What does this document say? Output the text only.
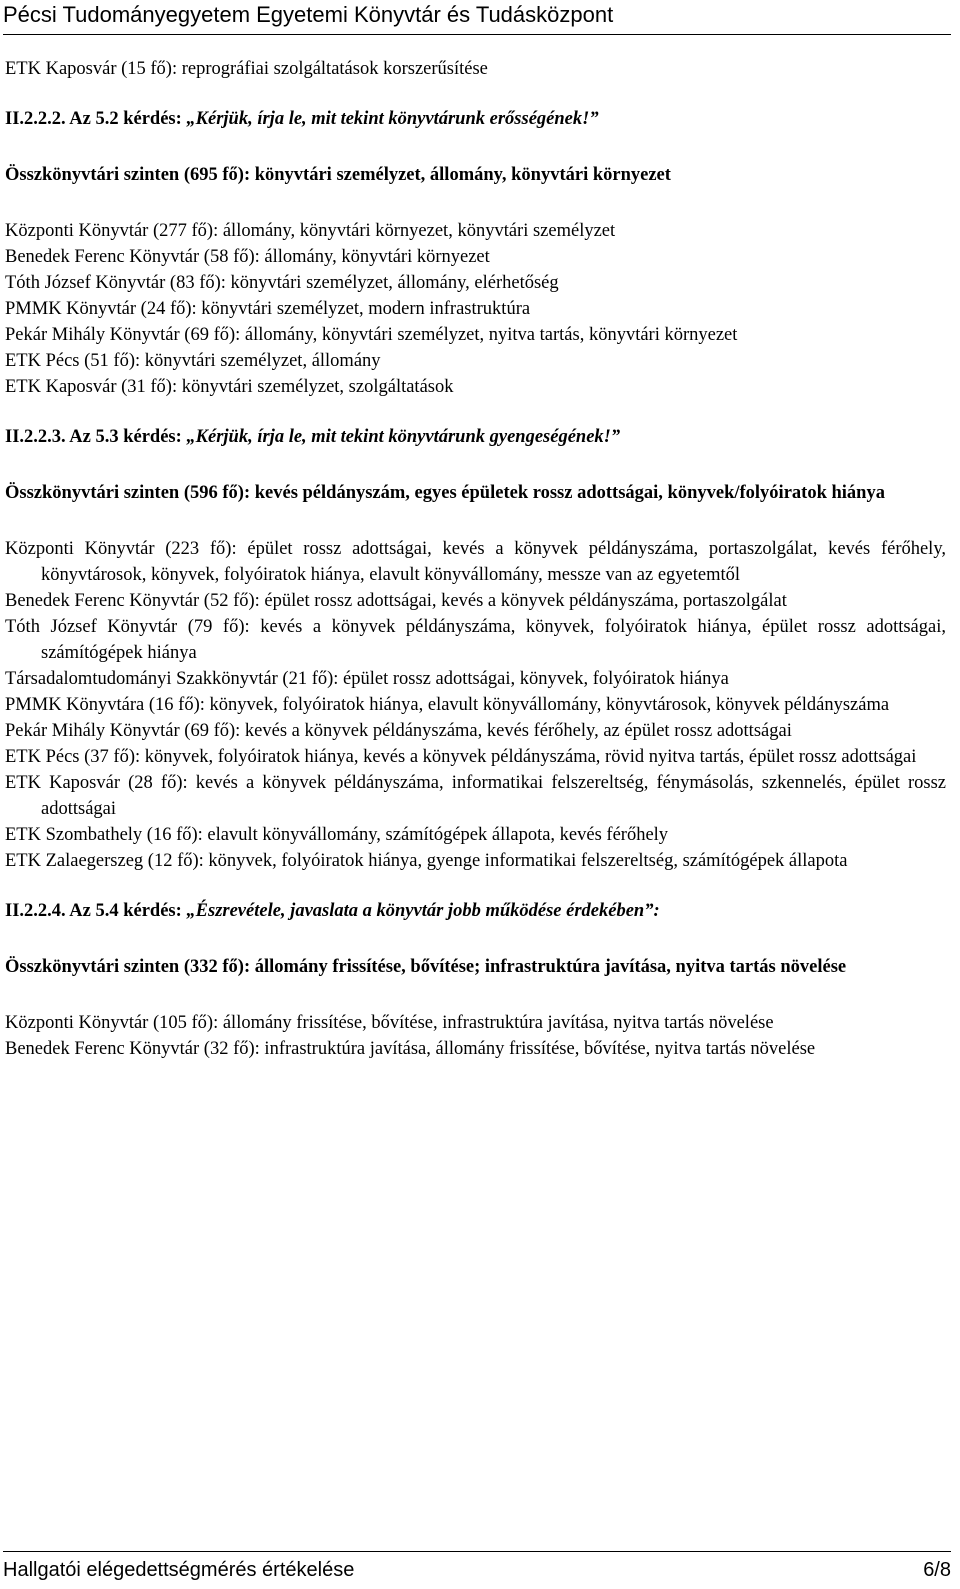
Pécsi Tudományegyetem Egyetemi Könyvtár és Tudásközpont
ETK Kaposvár (15 fő): reprográfiai szolgáltatások korszerűsítése
II.2.2.2. Az 5.2 kérdés: „Kérjük, írja le, mit tekint könyvtárunk erősségének!”
Összkönyvtári szinten (695 fő): könyvtári személyzet, állomány, könyvtári környezet
Központi Könyvtár (277 fő): állomány, könyvtári környezet, könyvtári személyzet
Benedek Ferenc Könyvtár (58 fő): állomány, könyvtári környezet
Tóth József Könyvtár (83 fő): könyvtári személyzet, állomány, elérhetőség
PMMK Könyvtár (24 fő): könyvtári személyzet, modern infrastruktúra
Pekár Mihály Könyvtár (69 fő): állomány, könyvtári személyzet, nyitva tartás, könyvtári környezet
ETK Pécs (51 fő): könyvtári személyzet, állomány
ETK Kaposvár (31 fő): könyvtári személyzet, szolgáltatások
II.2.2.3. Az 5.3 kérdés: „Kérjük, írja le, mit tekint könyvtárunk gyengeségének!”
Összkönyvtári szinten (596 fő): kevés példányszám, egyes épületek rossz adottságai, könyvek/folyóiratok hiánya
Központi Könyvtár (223 fő): épület rossz adottságai, kevés a könyvek példányszáma, portaszolgálat, kevés férőhely, könyvtárosok, könyvek, folyóiratok hiánya, elavult könyvállomány, messze van az egyetemtől
Benedek Ferenc Könyvtár (52 fő): épület rossz adottságai, kevés a könyvek példányszáma, portaszolgálat
Tóth József Könyvtár (79 fő): kevés a könyvek példányszáma, könyvek, folyóiratok hiánya, épület rossz adottságai, számítógépek hiánya
Társadalomtudományi Szakkönyvtár (21 fő): épület rossz adottságai, könyvek, folyóiratok hiánya
PMMK Könyvtára (16 fő): könyvek, folyóiratok hiánya, elavult könyvállomány, könyvtárosok, könyvek példányszáma
Pekár Mihály Könyvtár (69 fő): kevés a könyvek példányszáma, kevés férőhely, az épület rossz adottságai
ETK Pécs (37 fő): könyvek, folyóiratok hiánya, kevés a könyvek példányszáma, rövid nyitva tartás, épület rossz adottságai
ETK Kaposvár (28 fő): kevés a könyvek példányszáma, informatikai felszereltség, fénymásolás, szkennelés, épület rossz adottságai
ETK Szombathely (16 fő): elavult könyvállomány, számítógépek állapota, kevés férőhely
ETK Zalaegerszeg (12 fő): könyvek, folyóiratok hiánya, gyenge informatikai felszereltség, számítógépek állapota
II.2.2.4. Az 5.4 kérdés: „Észrevétele, javaslata a könyvtár jobb működése érdekében”:
Összkönyvtári szinten (332 fő): állomány frissítése, bővítése; infrastruktúra javítása, nyitva tartás növelése
Központi Könyvtár (105 fő): állomány frissítése, bővítése, infrastruktúra javítása, nyitva tartás növelése
Benedek Ferenc Könyvtár (32 fő): infrastruktúra javítása, állomány frissítése, bővítése, nyitva tartás növelése
Hallgatói elégedettségmérés értékelése	6/8
